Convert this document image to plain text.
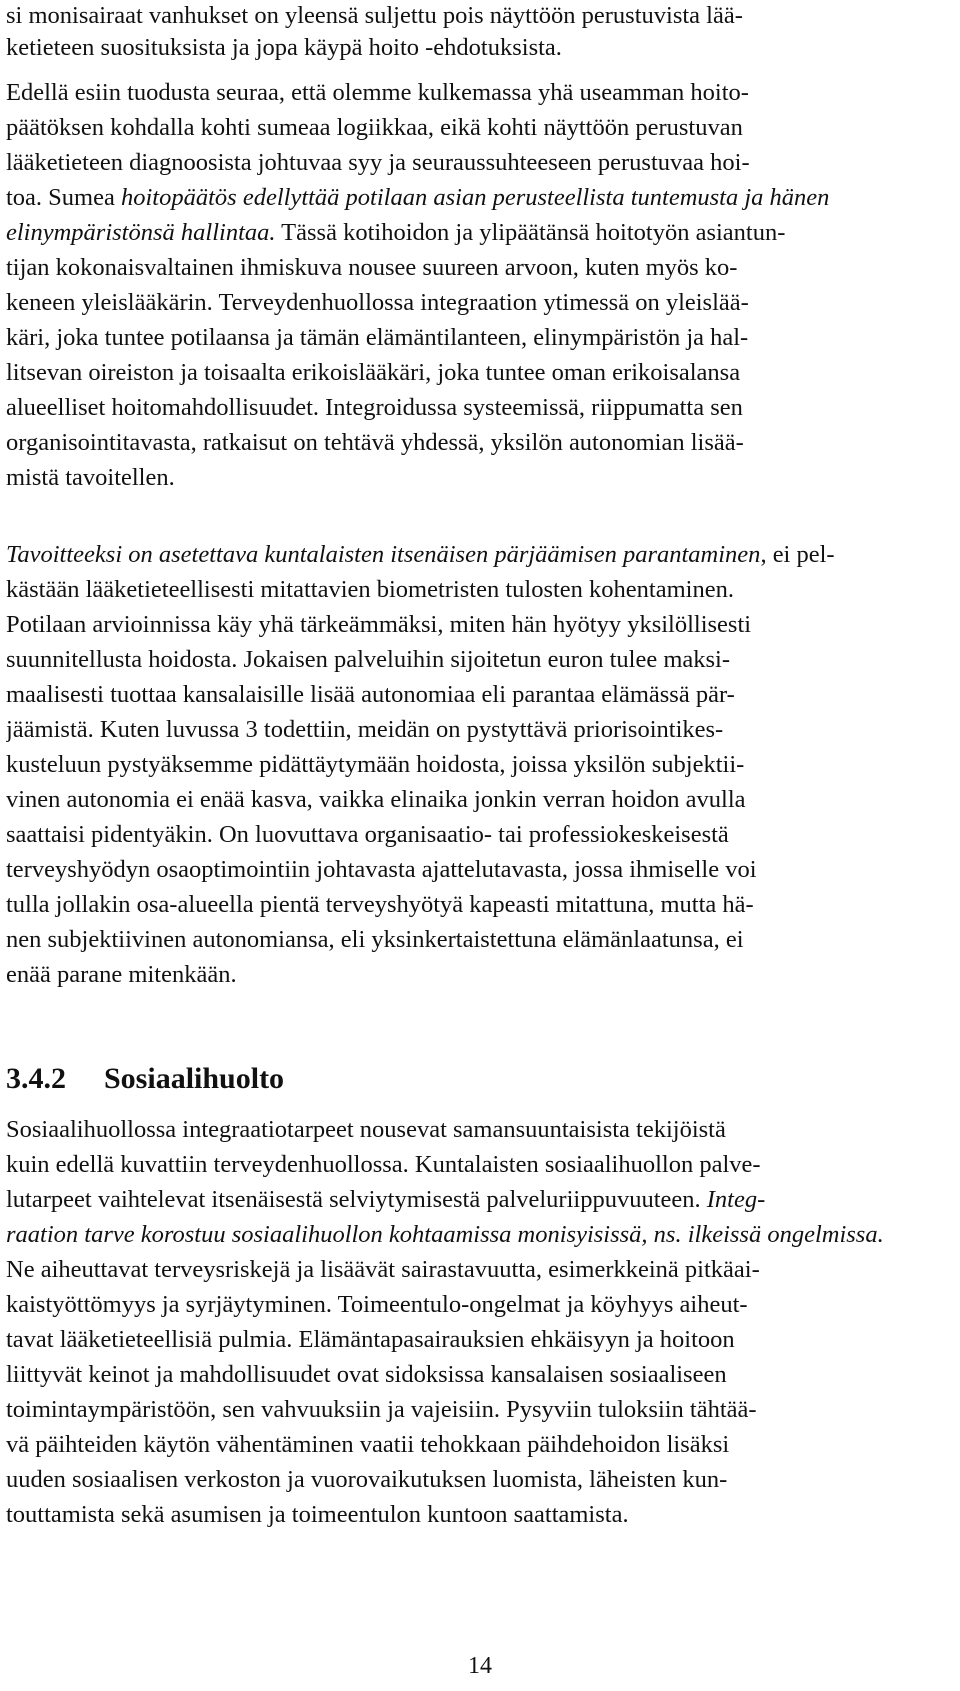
si monisairaat vanhukset on yleensä suljettu pois näyttöön perustuvista lää-

ketieteen suosituksista ja jopa käypä hoito -ehdotuksista.

Edellä esiin tuodusta seuraa, että olemme kulkemassa yhä useamman hoito-

päätöksen kohdalla kohti sumeaa logiikkaa, eikä kohti näyttöön perustuvan

lääketieteen diagnoosista johtuvaa syy ja seuraussuhteeseen perustuvaa hoi-

toa. Sumea hoitopäätös edellyttää potilaan asian perusteellista tuntemusta ja hänen

elinympäristönsä hallintaa. Tässä kotihoidon ja ylipäätänsä hoitotyön asiantun-

tijan kokonaisvaltainen ihmiskuva nousee suureen arvoon, kuten myös ko-

keneen yleislääkärin. Terveydenhuollossa integraation ytimessä on yleislää-

käri, joka tuntee potilaansa ja tämän elämäntilanteen, elinympäristön ja hal-

litsevan oireiston ja toisaalta erikoislääkäri, joka tuntee oman erikoisalansa

alueelliset hoitomahdollisuudet. Integroidussa systeemissä, riippumatta sen

organisointitavasta, ratkaisut on tehtävä yhdessä, yksilön autonomian lisää-

mistä tavoitellen.

Tavoitteeksi on asetettava kuntalaisten itsenäisen pärjäämisen parantaminen, ei pel-

kästään lääketieteellisesti mitattavien biometristen tulosten kohentaminen.

Potilaan arvioinnissa käy yhä tärkeämmäksi, miten hän hyötyy yksilöllisesti

suunnitellusta hoidosta. Jokaisen palveluihin sijoitetun euron tulee maksi-

maalisesti tuottaa kansalaisille lisää autonomiaa eli parantaa elämässä pär-

jäämistä. Kuten luvussa 3 todettiin, meidän on pystyttävä priorisointikes-

kusteluun pystyäksemme pidättäytymään hoidosta, joissa yksilön subjektii-

vinen autonomia ei enää kasva, vaikka elinaika jonkin verran hoidon avulla

saattaisi pidentyäkin. On luovuttava organisaatio- tai professiokeskeisestä

terveyshyödyn osaoptimointiin johtavasta ajattelutavasta, jossa ihmiselle voi

tulla jollakin osa-alueella pientä terveyshyötyä kapeasti mitattuna, mutta hä-

nen subjektiivinen autonomiansa, eli yksinkertaistettuna elämänlaatunsa, ei

enää parane mitenkään.

3.4.2 Sosiaalihuolto

Sosiaalihuollossa integraatiotarpeet nousevat samansuuntaisista tekijöistä

kuin edellä kuvattiin terveydenhuollossa. Kuntalaisten sosiaalihuollon palve-

lutarpeet vaihtelevat itsenäisestä selviytymisestä palveluriippuvuuteen. Integ-

raation tarve korostuu sosiaalihuollon kohtaamissa monisyisissä, ns. ilkeissä ongelmissa.

Ne aiheuttavat terveysriskejä ja lisäävät sairastavuutta, esimerkkeinä pitkäai-

kaistyöttömyys ja syrjäytyminen. Toimeentulo-ongelmat ja köyhyys aiheut-

tavat lääketieteellisiä pulmia. Elämäntapasairauksien ehkäisyyn ja hoitoon

liittyvät keinot ja mahdollisuudet ovat sidoksissa kansalaisen sosiaaliseen

toimintaympäristöön, sen vahvuuksiin ja vajeisiin. Pysyviin tuloksiin tähtää-

vä päihteiden käytön vähentäminen vaatii tehokkaan päihdehoidon lisäksi

uuden sosiaalisen verkoston ja vuorovaikutuksen luomista, läheisten kun-

touttamista sekä asumisen ja toimeentulon kuntoon saattamista.

14
